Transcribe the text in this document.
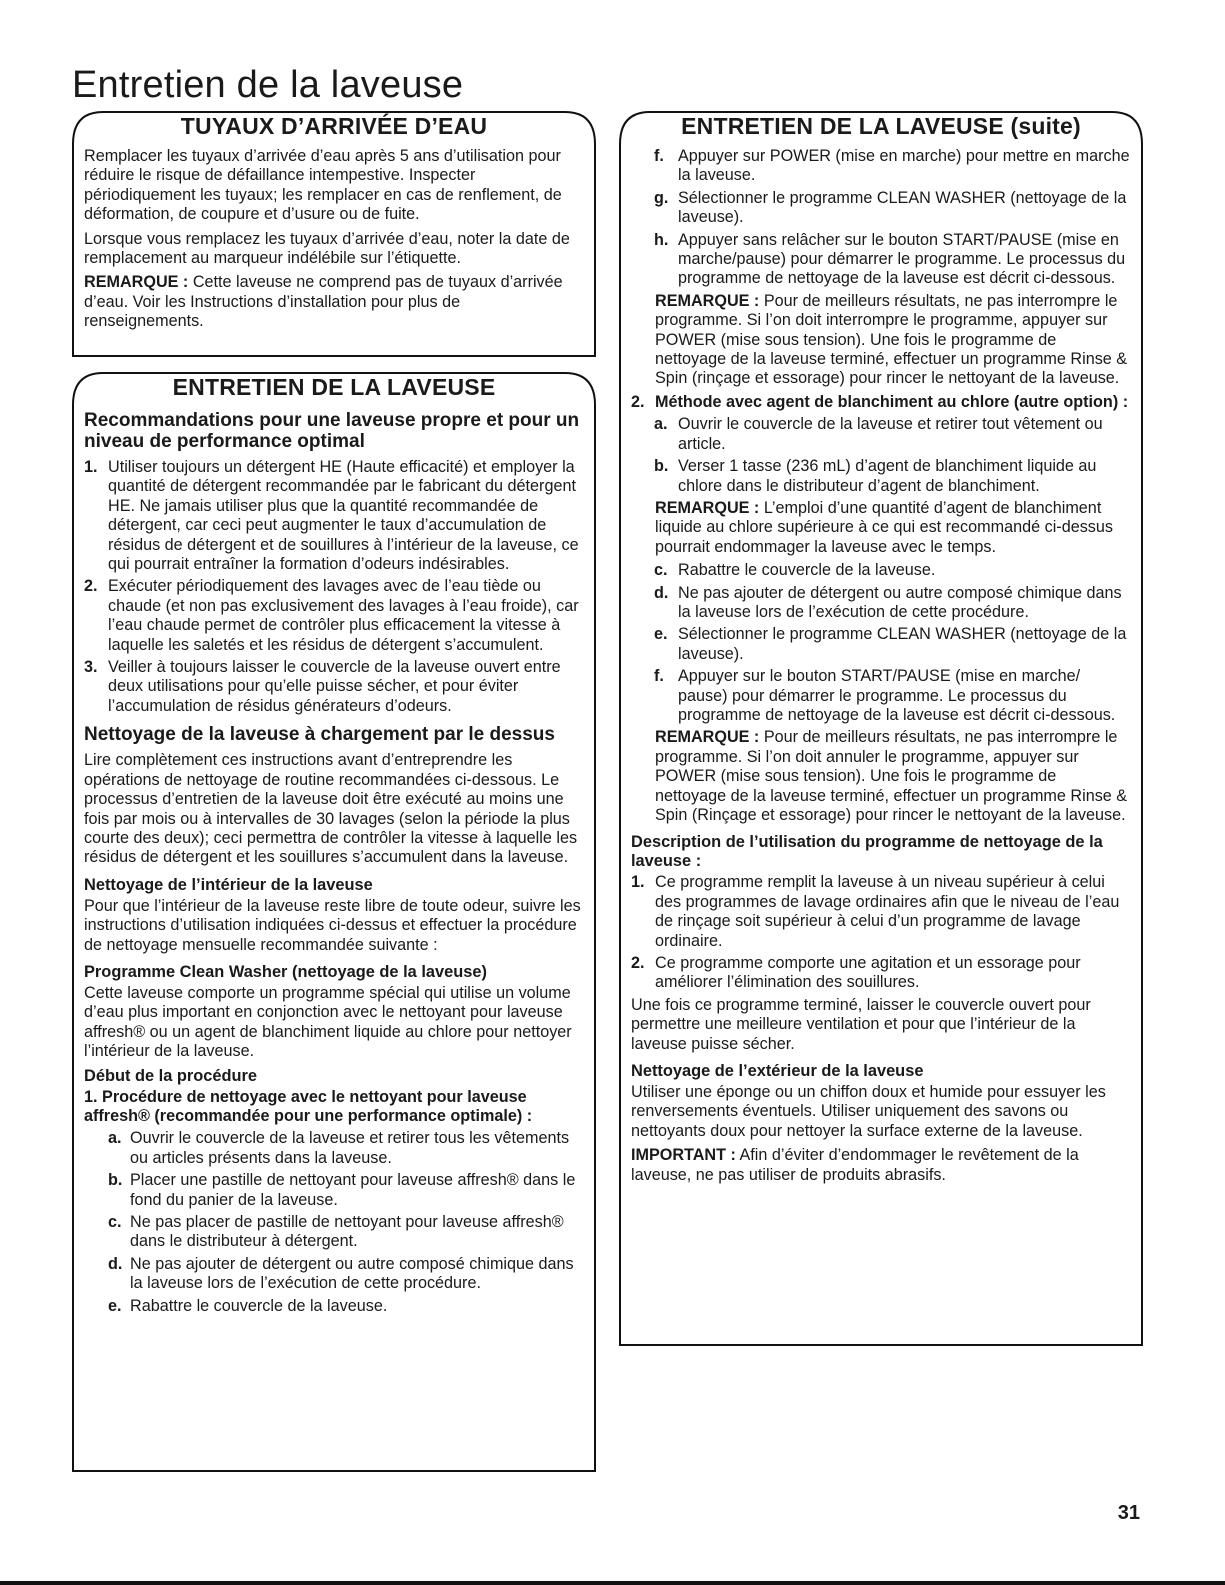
Entretien de la laveuse
TUYAUX D’ARRIVÉE D’EAU

Remplacer les tuyaux d’arrivée d’eau après 5 ans d’utilisation pour réduire le risque de défaillance intempestive. Inspecter périodiquement les tuyaux; les remplacer en cas de renflement, de déformation, de coupure et d’usure ou de fuite.

Lorsque vous remplacez les tuyaux d’arrivée d’eau, noter la date de remplacement au marqueur indélébile sur l’étiquette.

REMARQUE : Cette laveuse ne comprend pas de tuyaux d’arrivée d’eau. Voir les Instructions d’installation pour plus de renseignements.

ENTRETIEN DE LA LAVEUSE
Recommandations pour une laveuse propre et pour un niveau de performance optimal
1. Utiliser toujours un détergent HE (Haute efficacité) et employer la quantité de détergent recommandée par le fabricant du détergent HE. Ne jamais utiliser plus que la quantité recommandée de détergent, car ceci peut augmenter le taux d’accumulation de résidus de détergent et de souillures à l’intérieur de la laveuse, ce qui pourrait entraîner la formation d’odeurs indésirables.
2. Exécuter périodiquement des lavages avec de l’eau tiède ou chaude (et non pas exclusivement des lavages à l’eau froide), car l’eau chaude permet de contrôler plus efficacement la vitesse à laquelle les saletés et les résidus de détergent s’accumulent.
3. Veiller à toujours laisser le couvercle de la laveuse ouvert entre deux utilisations pour qu’elle puisse sécher, et pour éviter l’accumulation de résidus générateurs d’odeurs.
Nettoyage de la laveuse à chargement par le dessus

Lire complètement ces instructions avant d’entreprendre les opérations de nettoyage de routine recommandées ci-dessous. Le processus d’entretien de la laveuse doit être exécuté au moins une fois par mois ou à intervalles de 30 lavages (selon la période la plus courte des deux); ceci permettra de contrôler la vitesse à laquelle les résidus de détergent et les souillures s’accumulent dans la laveuse.

Nettoyage de l’intérieur de la laveuse

Pour que l’intérieur de la laveuse reste libre de toute odeur, suivre les instructions d’utilisation indiquées ci-dessus et effectuer la procédure de nettoyage mensuelle recommandée suivante :

Programme Clean Washer (nettoyage de la laveuse)

Cette laveuse comporte un programme spécial qui utilise un volume d’eau plus important en conjonction avec le nettoyant pour laveuse affresh® ou un agent de blanchiment liquide au chlore pour nettoyer l’intérieur de la laveuse.

Début de la procédure
1. Procédure de nettoyage avec le nettoyant pour laveuse affresh® (recommandée pour une performance optimale) :
a. Ouvrir le couvercle de la laveuse et retirer tous les vêtements ou articles présents dans la laveuse.
b. Placer une pastille de nettoyant pour laveuse affresh® dans le fond du panier de la laveuse.
c. Ne pas placer de pastille de nettoyant pour laveuse affresh® dans le distributeur à détergent.
d. Ne pas ajouter de détergent ou autre composé chimique dans la laveuse lors de l’exécution de cette procédure.
e. Rabattre le couvercle de la laveuse.
ENTRETIEN DE LA LAVEUSE (suite)
f. Appuyer sur POWER (mise en marche) pour mettre en marche la laveuse.
g. Sélectionner le programme CLEAN WASHER (nettoyage de la laveuse).
h. Appuyer sans relâcher sur le bouton START/PAUSE (mise en marche/pause) pour démarrer le programme. Le processus du programme de nettoyage de la laveuse est décrit ci-dessous.

REMARQUE : Pour de meilleurs résultats, ne pas interrompre le programme. Si l’on doit interrompre le programme, appuyer sur POWER (mise sous tension). Une fois le programme de nettoyage de la laveuse terminé, effectuer un programme Rinse & Spin (rinçage et essorage) pour rincer le nettoyant de la laveuse.

2. Méthode avec agent de blanchiment au chlore (autre option) :
a. Ouvrir le couvercle de la laveuse et retirer tout vêtement ou article.
b. Verser 1 tasse (236 mL) d’agent de blanchiment liquide au chlore dans le distributeur d’agent de blanchiment.

REMARQUE : L’emploi d’une quantité d’agent de blanchiment liquide au chlore supérieure à ce qui est recommandé ci-dessus pourrait endommager la laveuse avec le temps.

c. Rabattre le couvercle de la laveuse.
d. Ne pas ajouter de détergent ou autre composé chimique dans la laveuse lors de l’exécution de cette procédure.
e. Sélectionner le programme CLEAN WASHER (nettoyage de la laveuse).
f. Appuyer sur le bouton START/PAUSE (mise en marche/ pause) pour démarrer le programme. Le processus du programme de nettoyage de la laveuse est décrit ci-dessous.

REMARQUE : Pour de meilleurs résultats, ne pas interrompre le programme. Si l’on doit annuler le programme, appuyer sur POWER (mise sous tension). Une fois le programme de nettoyage de la laveuse terminé, effectuer un programme Rinse & Spin (Rinçage et essorage) pour rincer le nettoyant de la laveuse.

Description de l’utilisation du programme de nettoyage de la laveuse :
1. Ce programme remplit la laveuse à un niveau supérieur à celui des programmes de lavage ordinaires afin que le niveau de l’eau de rinçage soit supérieur à celui d’un programme de lavage ordinaire.
2. Ce programme comporte une agitation et un essorage pour améliorer l’élimination des souillures.

Une fois ce programme terminé, laisser le couvercle ouvert pour permettre une meilleure ventilation et pour que l’intérieur de la laveuse puisse sécher.

Nettoyage de l’extérieur de la laveuse

Utiliser une éponge ou un chiffon doux et humide pour essuyer les renversements éventuels. Utiliser uniquement des savons ou nettoyants doux pour nettoyer la surface externe de la laveuse.

IMPORTANT : Afin d’éviter d’endommager le revêtement de la laveuse, ne pas utiliser de produits abrasifs.

31
